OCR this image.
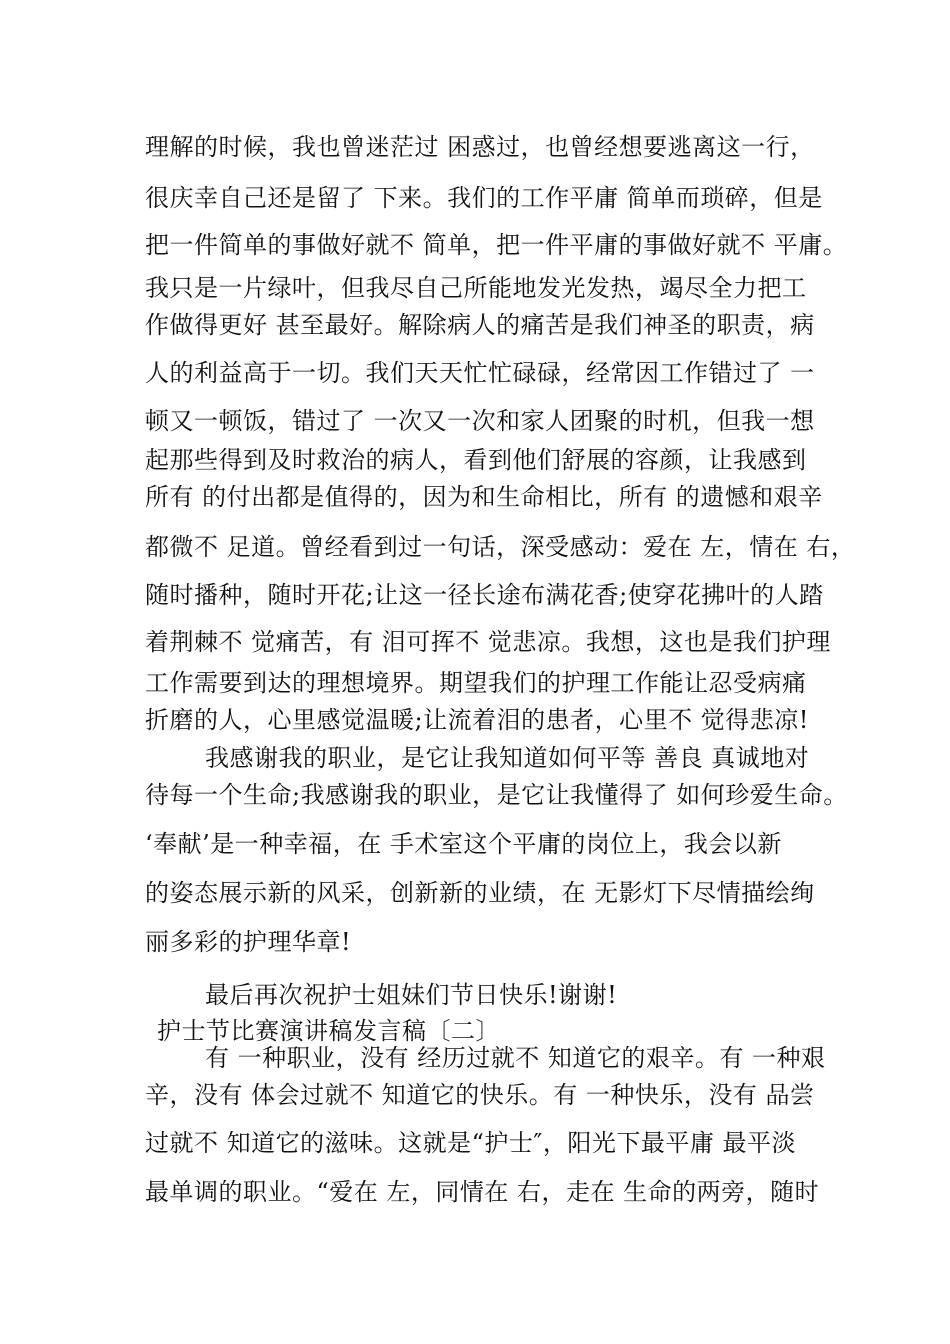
理解的时候，我也曾迷茫过 困惑过，也曾经想要逃离这一行，
很庆幸自己还是留了 下来。我们的工作平庸 简单而琐碎，但是
把一件简单的事做好就不 简单，把一件平庸的事做好就不 平庸。
我只是一片绿叶，但我尽自己所能地发光发热，竭尽全力把工
作做得更好 甚至最好。解除病人的痛苦是我们神圣的职责，病
人的利益高于一切。我们天天忙忙碌碌，经常因工作错过了 一
顿又一顿饭，错过了 一次又一次和家人团聚的时机，但我一想
起那些得到及时救治的病人，看到他们舒展的容颜，让我感到
所有 的付出都是值得的，因为和生命相比，所有 的遗憾和艰辛
都微不 足道。曾经看到过一句话，深受感动：爱在 左，情在 右，
随时播种，随时开花;让这一径长途布满花香;使穿花拂叶的人踏
着荆棘不 觉痛苦，有 泪可挥不 觉悲凉。我想，这也是我们护理
工作需要到达的理想境界。期望我们的护理工作能让忍受病痛
折磨的人，心里感觉温暖;让流着泪的患者，心里不 觉得悲凉!
我感谢我的职业，是它让我知道如何平等 善良 真诚地对
待每一个生命;我感谢我的职业，是它让我懂得了 如何珍爱生命。
‘奉献’是一种幸福，在 手术室这个平庸的岗位上，我会以新
的姿态展示新的风采，创新新的业绩，在 无影灯下尽情描绘绚
丽多彩的护理华章!
最后再次祝护士姐妹们节日快乐!谢谢!
护士节比赛演讲稿发言稿〔二〕
有 一种职业，没有 经历过就不 知道它的艰辛。有 一种艰
辛，没有 体会过就不 知道它的快乐。有 一种快乐，没有 品尝
过就不 知道它的滋味。这就是“护士″，阳光下最平庸 最平淡
最单调的职业。“爱在 左，同情在 右，走在 生命的两旁，随时
